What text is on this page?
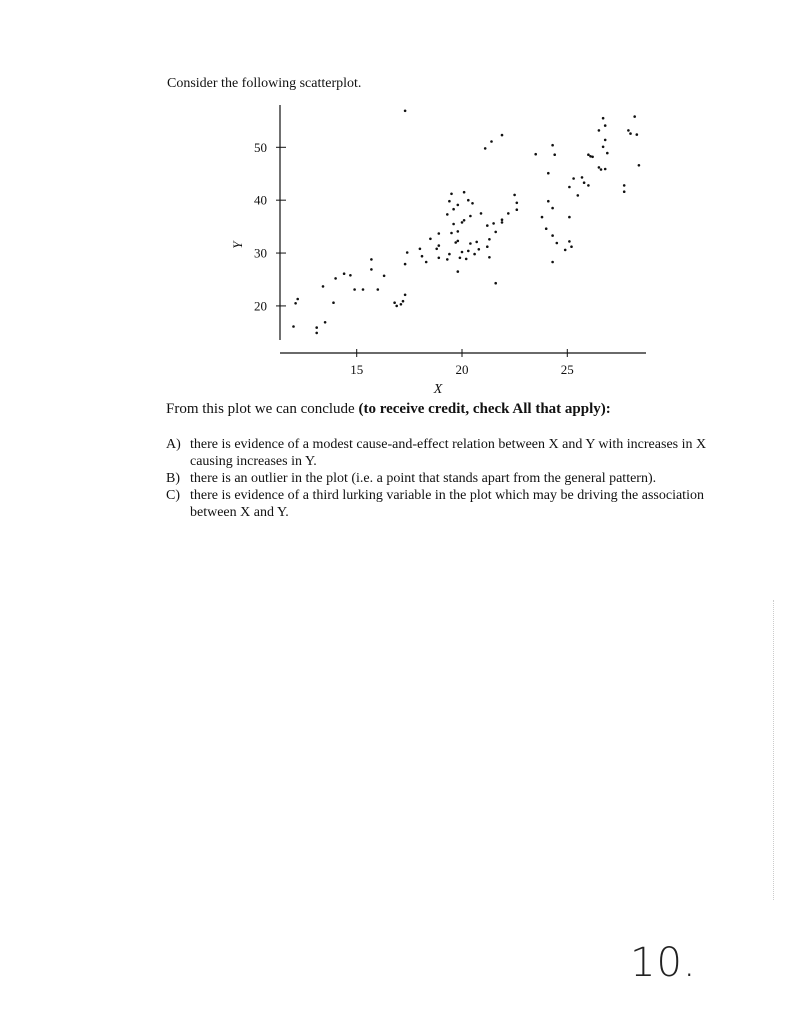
Consider the following scatterplot.
20
30
40
50
15	20	25
X
Y
From this plot we can conclude (to receive credit, check All that apply):
A) there is evidence of a modest cause-and-effect relation between X and Y with increases in X causing increases in Y.
B) there is an outlier in the plot (i.e. a point that stands apart from the general pattern).
C) there is evidence of a third lurking variable in the plot which may be driving the association between X and Y.
10.
